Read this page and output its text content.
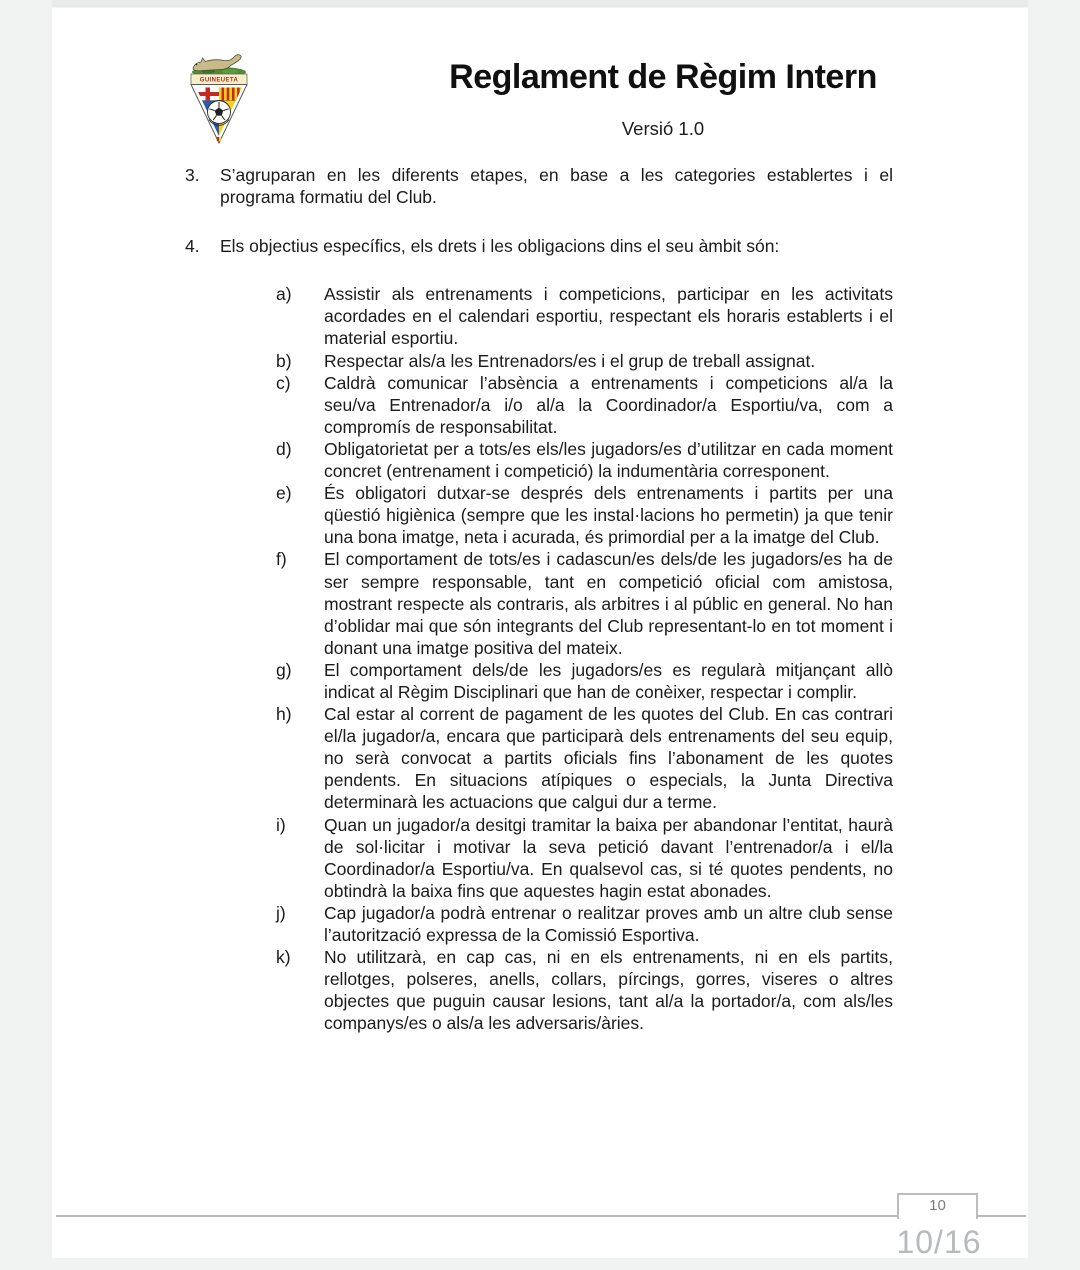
GUINEUETA	Reglament de Règim Intern
Versió 1.0
3.	S’agruparan en les diferents etapes, en base a les categories establertes i el programa formatiu del Club.
4.	Els objectius específics, els drets i les obligacions dins el seu àmbit són:
a)	Assistir als entrenaments i competicions, participar en les activitats acordades en el calendari esportiu, respectant els horaris establerts i el material esportiu.
b)	Respectar als/a les Entrenadors/es i el grup de treball assignat.
c)	Caldrà comunicar l’absència a entrenaments i competicions al/a la seu/va Entrenador/a i/o al/a la Coordinador/a Esportiu/va, com a compromís de responsabilitat.
d)	Obligatorietat per a tots/es els/les jugadors/es d’utilitzar en cada moment concret (entrenament i competició) la indumentària corresponent.
e)	És obligatori dutxar-se després dels entrenaments i partits per una qüestió higiènica (sempre que les instal·lacions ho permetin) ja que tenir una bona imatge, neta i acurada, és primordial per a la imatge del Club.
f)	El comportament de tots/es i cadascun/es dels/de les jugadors/es ha de ser sempre responsable, tant en competició oficial com amistosa, mostrant respecte als contraris, als arbitres i al públic en general. No han d’oblidar mai que són integrants del Club representant-lo en tot moment i donant una imatge positiva del mateix.
g)	El comportament dels/de les jugadors/es es regularà mitjançant allò indicat al Règim Disciplinari que han de conèixer, respectar i complir.
h)	Cal estar al corrent de pagament de les quotes del Club. En cas contrari el/la jugador/a, encara que participarà dels entrenaments del seu equip, no serà convocat a partits oficials fins l’abonament de les quotes pendents. En situacions atípiques o especials, la Junta Directiva determinarà les actuacions que calgui dur a terme.
i)	Quan un jugador/a desitgi tramitar la baixa per abandonar l’entitat, haurà de sol·licitar i motivar la seva petició davant l’entrenador/a i el/la Coordinador/a Esportiu/va. En qualsevol cas, si té quotes pendents, no obtindrà la baixa fins que aquestes hagin estat abonades.
j)	Cap jugador/a podrà entrenar o realitzar proves amb un altre club sense l’autorització expressa de la Comissió Esportiva.
k)	No utilitzarà, en cap cas, ni en els entrenaments, ni en els partits, rellotges, polseres, anells, collars, pírcings, gorres, viseres o altres objectes que puguin causar lesions, tant al/a la portador/a, com als/les companys/es o als/a les adversaris/àries.
10
10/16
